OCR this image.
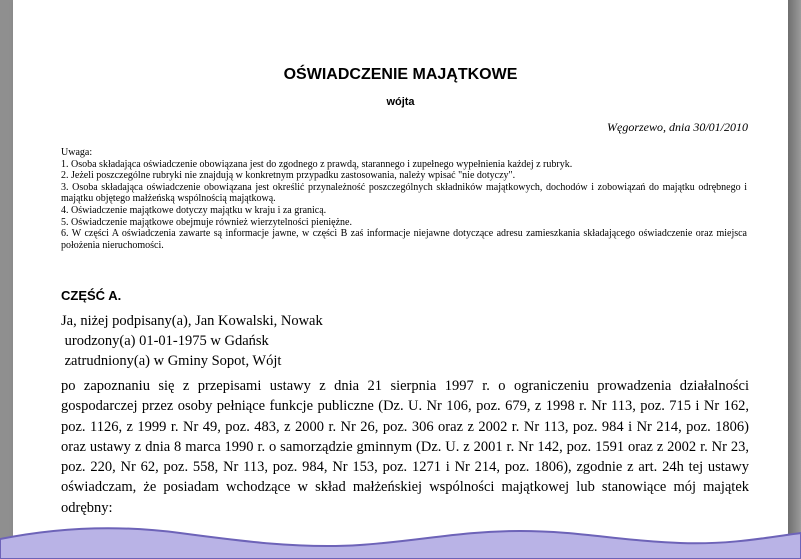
OŚWIADCZENIE MAJĄTKOWE
wójta
Węgorzewo, dnia 30/01/2010

Uwaga:

1. Osoba składająca oświadczenie obowiązana jest do zgodnego z prawdą, starannego i zupełnego wypełnienia każdej z rubryk.

2. Jeżeli poszczególne rubryki nie znajdują w konkretnym przypadku zastosowania, należy wpisać "nie dotyczy".

3. Osoba składająca oświadczenie obowiązana jest określić przynależność poszczególnych składników majątkowych, dochodów i zobowiązań do majątku odrębnego i majątku objętego małżeńską wspólnością majątkową.

4. Oświadczenie majątkowe dotyczy majątku w kraju i za granicą.

5. Oświadczenie majątkowe obejmuje również wierzytelności pieniężne.

6. W części A oświadczenia zawarte są informacje jawne, w części B zaś informacje niejawne dotyczące adresu zamieszkania składającego oświadczenie oraz miejsca położenia nieruchomości.

CZĘŚĆ A.
Ja, niżej podpisany(a), Jan Kowalski, Nowak
urodzony(a) 01-01-1975 w Gdańsk
zatrudniony(a) w Gminy Sopot, Wójt
po zapoznaniu się z przepisami ustawy z dnia 21 sierpnia 1997 r. o ograniczeniu prowadzenia działalności gospodarczej przez osoby pełniące funkcje publiczne (Dz. U. Nr 106, poz. 679, z 1998 r. Nr 113, poz. 715 i Nr 162, poz. 1126, z 1999 r. Nr 49, poz. 483, z 2000 r. Nr 26, poz. 306 oraz z 2002 r. Nr 113, poz. 984 i Nr 214, poz. 1806) oraz ustawy z dnia 8 marca 1990 r. o samorządzie gminnym (Dz. U. z 2001 r. Nr 142, poz. 1591 oraz z 2002 r. Nr 23, poz. 220, Nr 62, poz. 558, Nr 113, poz. 984, Nr 153, poz. 1271 i Nr 214, poz. 1806), zgodnie z art. 24h tej ustawy oświadczam, że posiadam wchodzące w skład małżeńskiej wspólności majątkowej lub stanowiące mój majątek odrębny:
